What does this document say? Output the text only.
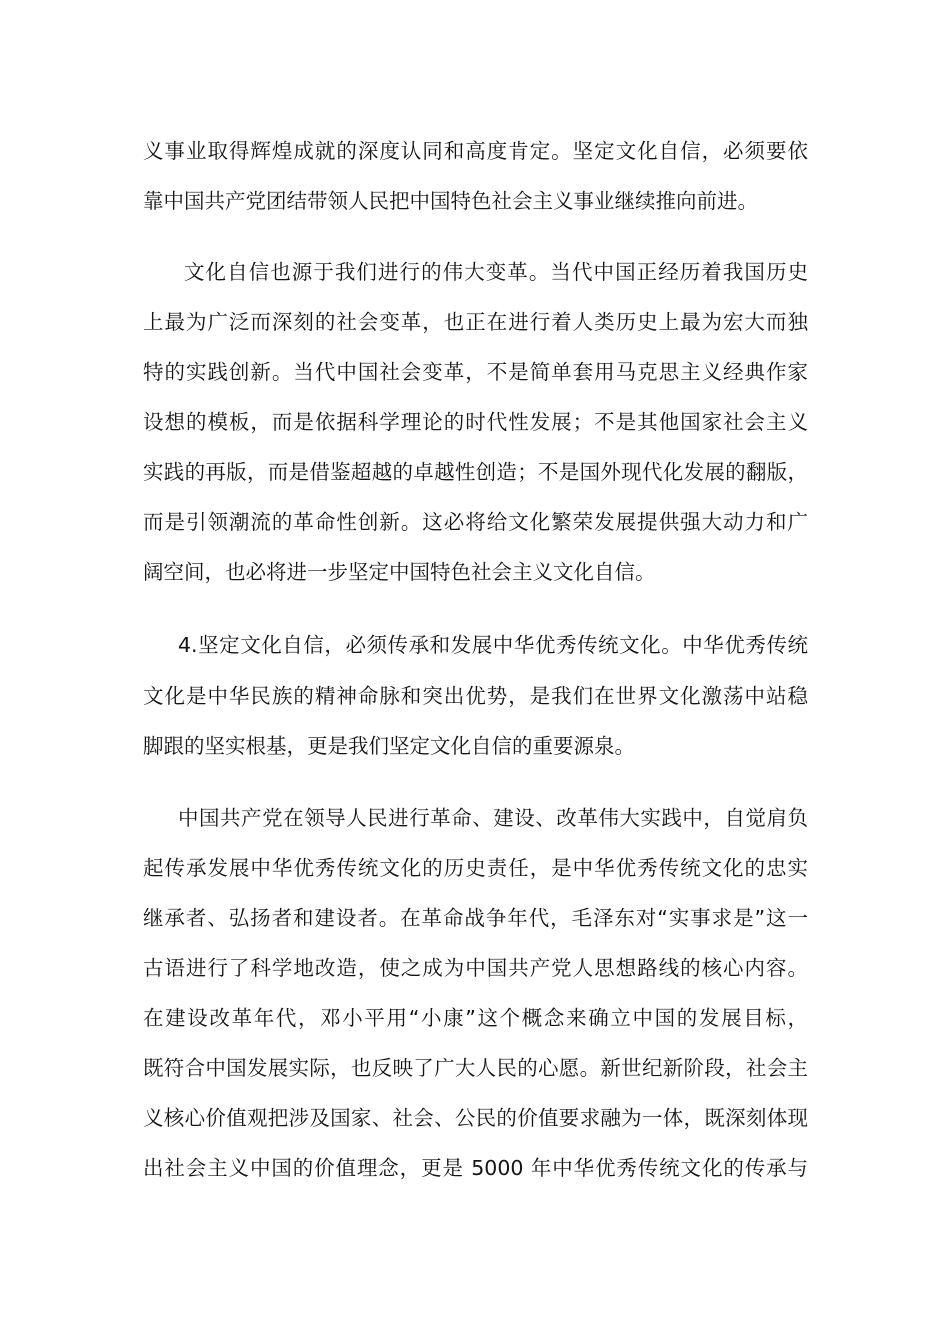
义事业取得辉煌成就的深度认同和高度肯定。坚定文化自信，必须要依
靠中国共产党团结带领人民把中国特色社会主义事业继续推向前进。
文化自信也源于我们进行的伟大变革。当代中国正经历着我国历史
上最为广泛而深刻的社会变革，也正在进行着人类历史上最为宏大而独
特的实践创新。当代中国社会变革，不是简单套用马克思主义经典作家
设想的模板，而是依据科学理论的时代性发展；不是其他国家社会主义
实践的再版，而是借鉴超越的卓越性创造；不是国外现代化发展的翻版，
而是引领潮流的革命性创新。这必将给文化繁荣发展提供强大动力和广
阔空间，也必将进一步坚定中国特色社会主义文化自信。
4.坚定文化自信，必须传承和发展中华优秀传统文化。中华优秀传统
文化是中华民族的精神命脉和突出优势，是我们在世界文化激荡中站稳
脚跟的坚实根基，更是我们坚定文化自信的重要源泉。
中国共产党在领导人民进行革命、建设、改革伟大实践中，自觉肩负
起传承发展中华优秀传统文化的历史责任，是中华优秀传统文化的忠实
继承者、弘扬者和建设者。在革命战争年代，毛泽东对“实事求是”这一
古语进行了科学地改造，使之成为中国共产党人思想路线的核心内容。
在建设改革年代，邓小平用“小康”这个概念来确立中国的发展目标，
既符合中国发展实际，也反映了广大人民的心愿。新世纪新阶段，社会主
义核心价值观把涉及国家、社会、公民的价值要求融为一体，既深刻体现
出社会主义中国的价值理念，更是 5000 年中华优秀传统文化的传承与
